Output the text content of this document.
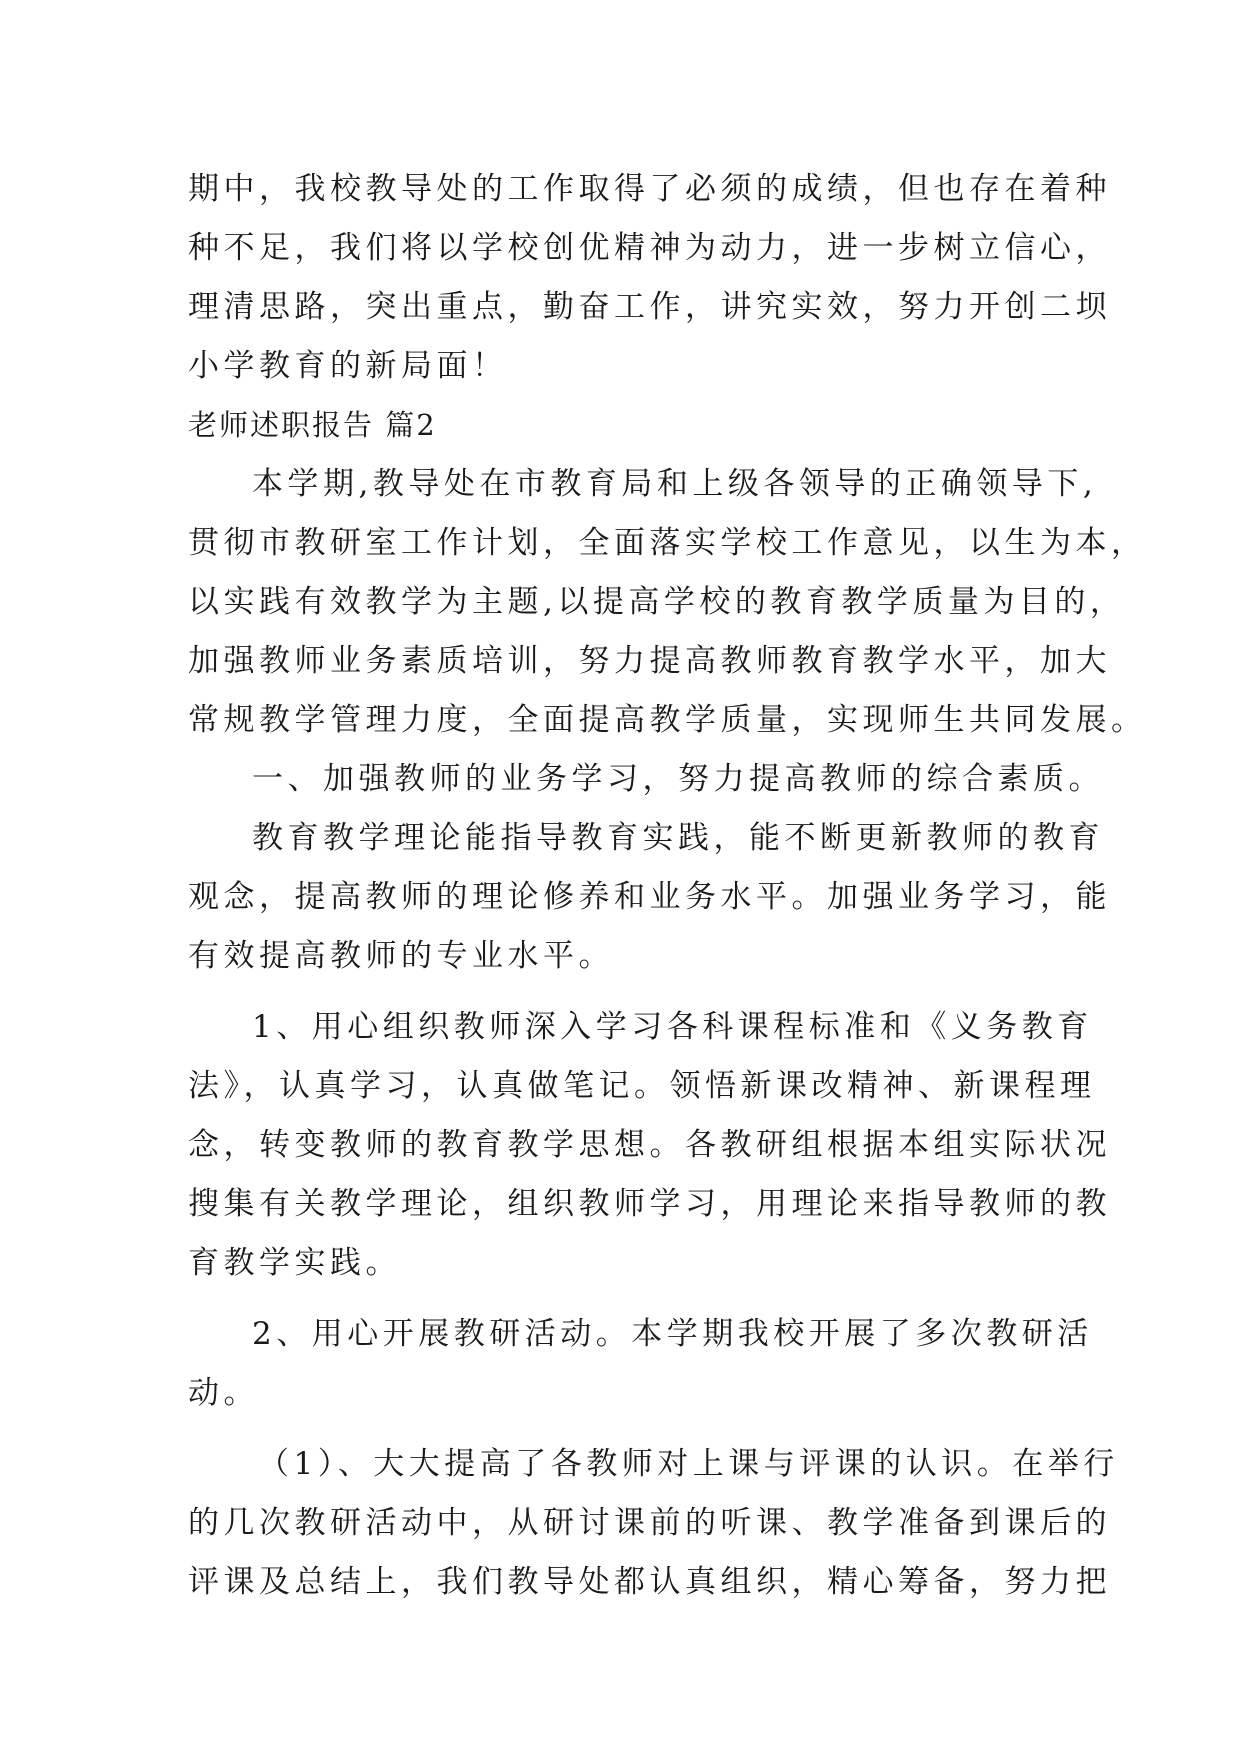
期中，我校教导处的工作取得了必须的成绩，但也存在着种
种不足，我们将以学校创优精神为动力，进一步树立信心，
理清思路，突出重点，勤奋工作，讲究实效，努力开创二坝
小学教育的新局面！
老师述职报告 篇2
本学期,教导处在市教育局和上级各领导的正确领导下,
贯彻市教研室工作计划，全面落实学校工作意见，以生为本，
以实践有效教学为主题,以提高学校的教育教学质量为目的，
加强教师业务素质培训，努力提高教师教育教学水平，加大
常规教学管理力度，全面提高教学质量，实现师生共同发展。
一、加强教师的业务学习，努力提高教师的综合素质。
教育教学理论能指导教育实践，能不断更新教师的教育
观念，提高教师的理论修养和业务水平。加强业务学习，能
有效提高教师的专业水平。
1、用心组织教师深入学习各科课程标准和《义务教育
法》，认真学习，认真做笔记。领悟新课改精神、新课程理
念，转变教师的教育教学思想。各教研组根据本组实际状况
搜集有关教学理论，组织教师学习，用理论来指导教师的教
育教学实践。
2、用心开展教研活动。本学期我校开展了多次教研活
动。
（1）、大大提高了各教师对上课与评课的认识。在举行
的几次教研活动中，从研讨课前的听课、教学准备到课后的
评课及总结上，我们教导处都认真组织，精心筹备，努力把
